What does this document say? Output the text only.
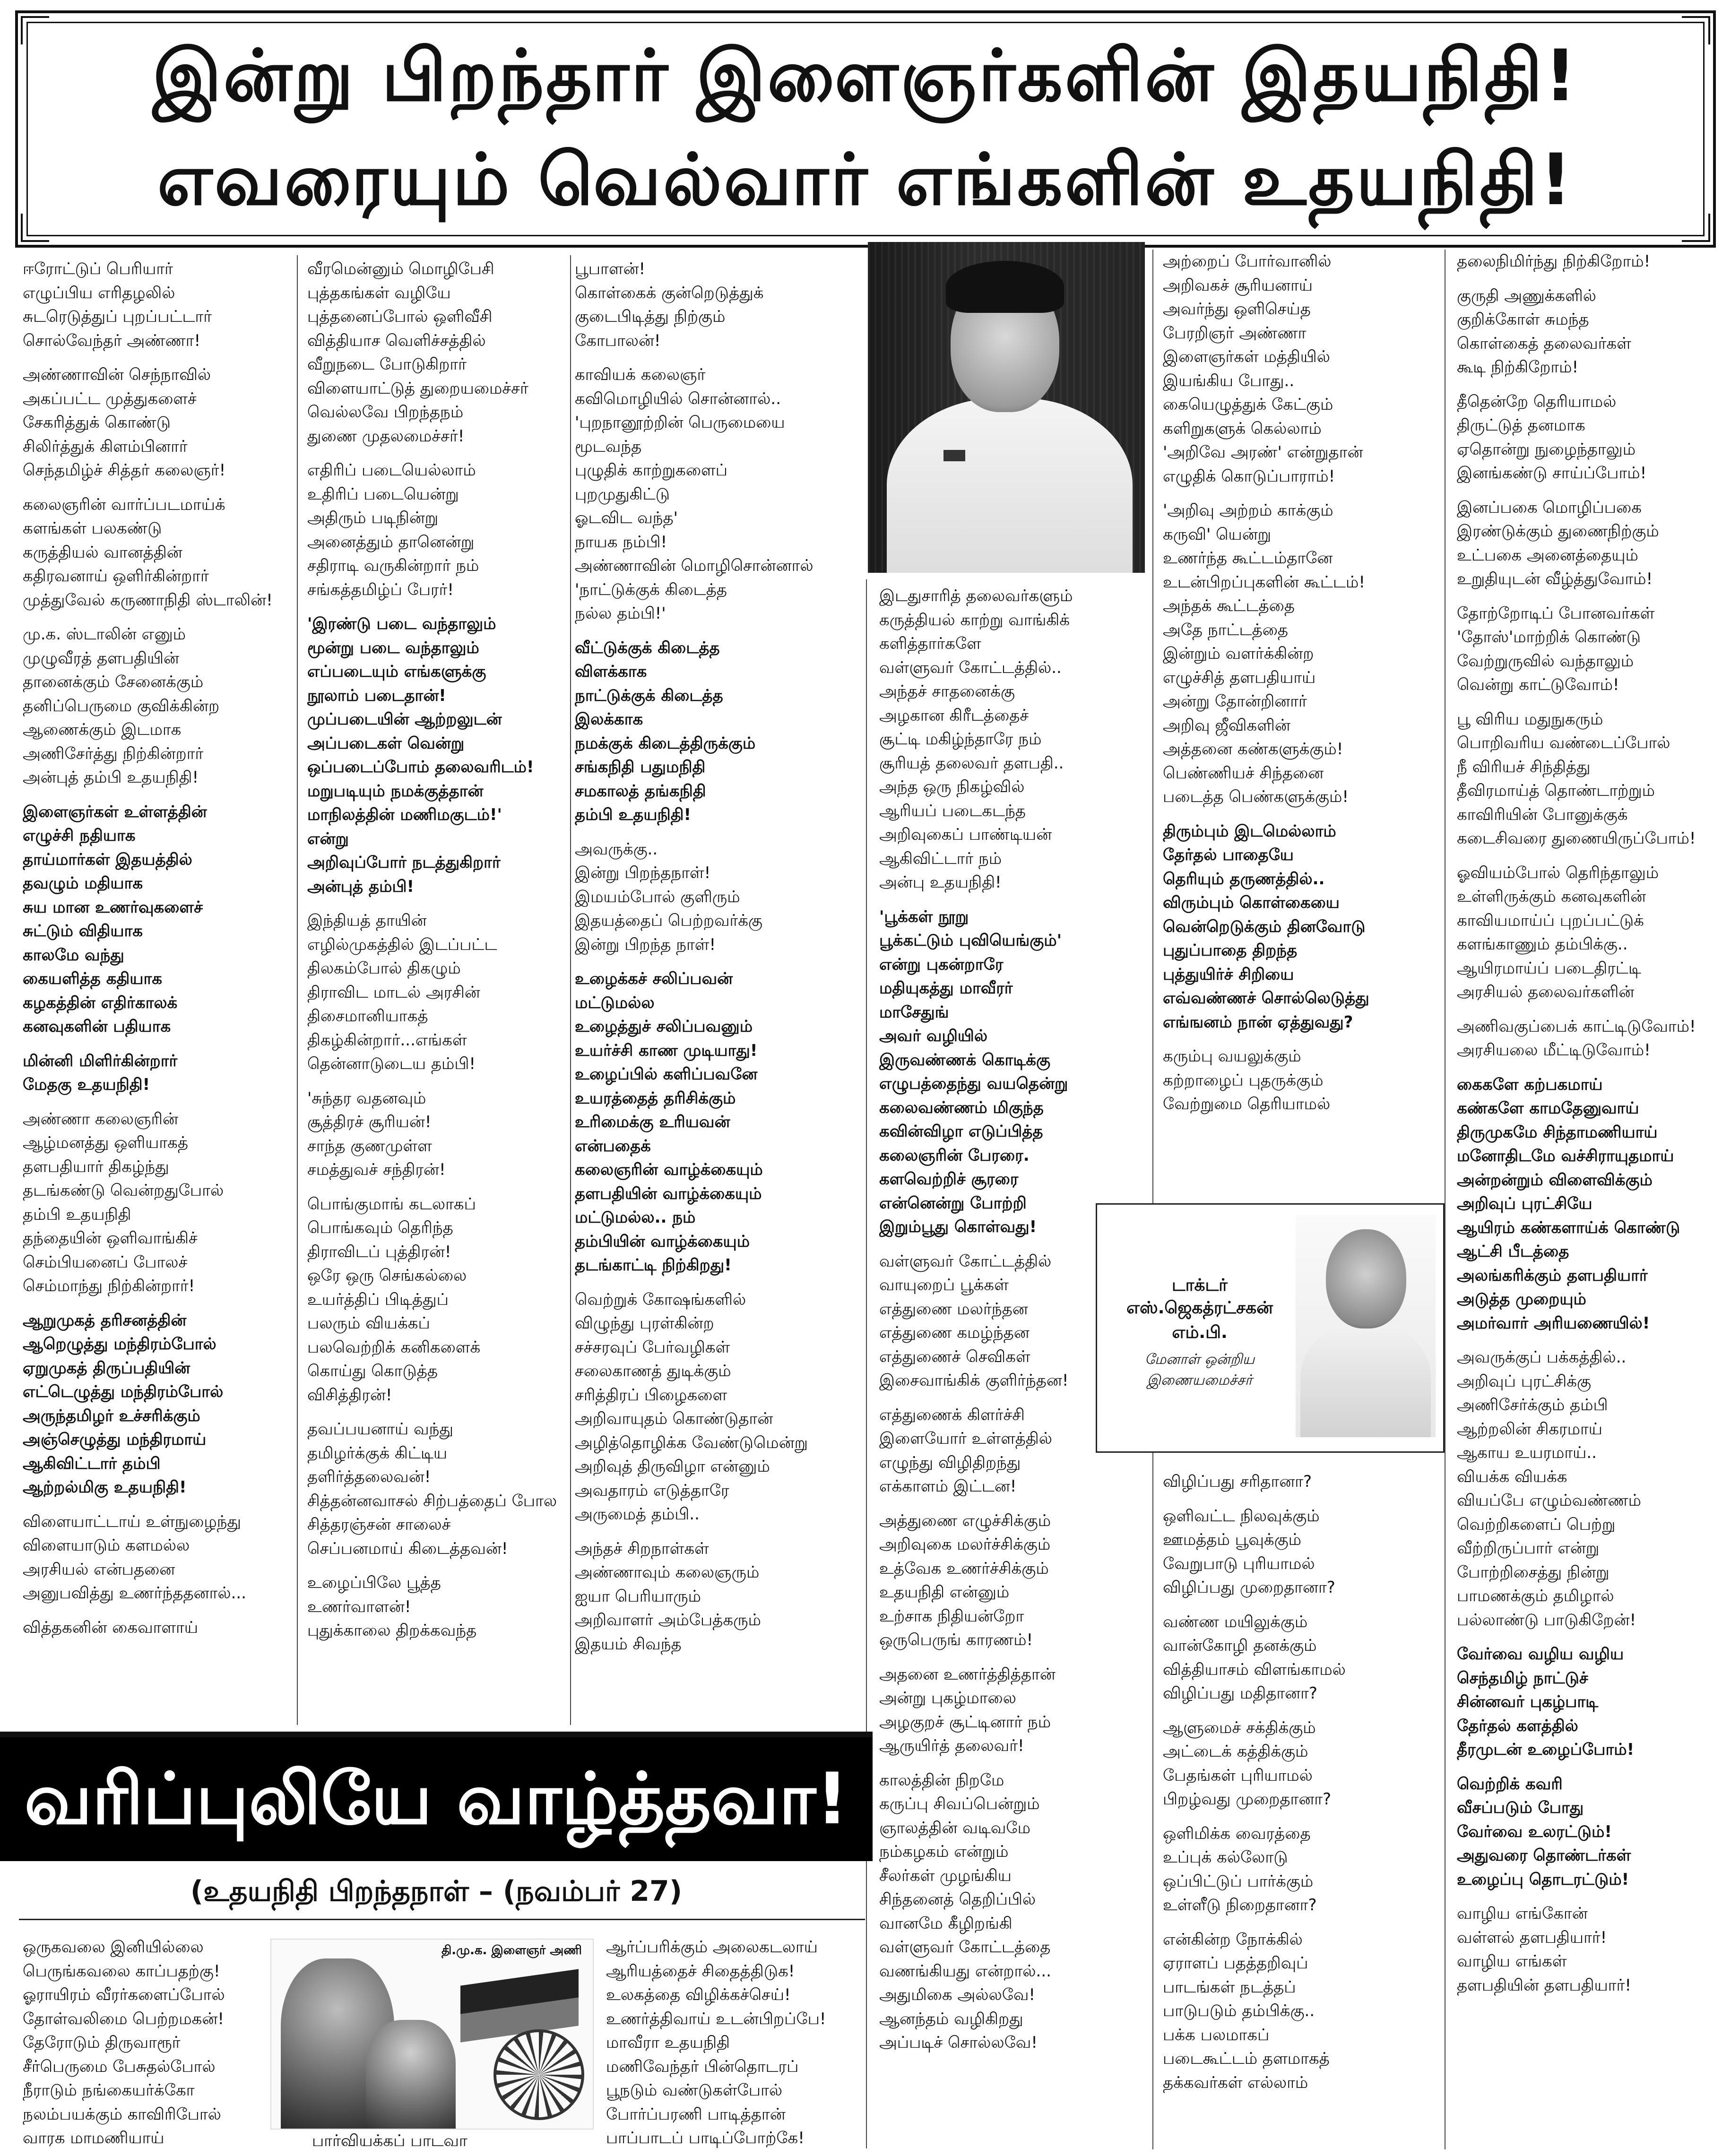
இன்று பிறந்தார் இளைஞர்களின் இதயநிதி!
எவரையும் வெல்வார் எங்களின் உதயநிதி!

ஈரோட்டுப் பெரியார்
எழுப்பிய எரிதழலில்
சுடரெடுத்துப் புறப்பட்டார்
சொல்வேந்தர் அண்ணா!

அண்ணாவின் செந்நாவில்
அகப்பட்ட முத்துகளைச்
சேகரித்துக் கொண்டு
சிலிர்த்துக் கிளம்பினார்
செந்தமிழ்ச் சித்தர் கலைஞர்!

கலைஞரின் வார்ப்படமாய்க்
களங்கள் பலகண்டு
கருத்தியல் வானத்தின்
கதிரவனாய் ஒளிர்கின்றார்
முத்துவேல் கருணாநிதி ஸ்டாலின்!

மு.க. ஸ்டாலின் எனும்
முழுவீரத் தளபதியின்
தானைக்கும் சேனைக்கும்
தனிப்பெருமை குவிக்கின்ற
ஆணைக்கும் இடமாக
அணிசேர்த்து நிற்கின்றார்
அன்புத் தம்பி உதயநிதி!

இளைஞர்கள் உள்ளத்தின்
எழுச்சி நதியாக
தாய்மார்கள் இதயத்தில்
தவழும் மதியாக
சுய மான உணர்வுகளைச்
சுட்டும் விதியாக
காலமே வந்து
கையளித்த கதியாக
கழகத்தின் எதிர்காலக்
கனவுகளின் பதியாக

மின்னி மிளிர்கின்றார்
மேதகு உதயநிதி!

அண்ணா கலைஞரின்
ஆழ்மனத்து ஒளியாகத்
தளபதியார் திகழ்ந்து
தடங்கண்டு வென்றதுபோல்
தம்பி உதயநிதி
தந்தையின் ஒளிவாங்கிச்
செம்பியனைப் போலச்
செம்மாந்து நிற்கின்றார்!

ஆறுமுகத் தரிசனத்தின்
ஆறெழுத்து மந்திரம்போல்
ஏறுமுகத் திருப்பதியின்
எட்டெழுத்து மந்திரம்போல்
அருந்தமிழர் உச்சரிக்கும்
அஞ்செழுத்து மந்திரமாய்
ஆகிவிட்டார் தம்பி
ஆற்றல்மிகு உதயநிதி!

விளையாட்டாய் உள்நுழைந்து
விளையாடும் களமல்ல
அரசியல் என்பதனை
அனுபவித்து உணர்ந்ததனால்...

வித்தகனின் கைவாளாய்

வீரமென்னும் மொழிபேசி
புத்தகங்கள் வழியே
புத்தனைப்போல் ஒளிவீசி
வித்தியாச வெளிச்சத்தில்
வீறுநடை போடுகிறார்
விளையாட்டுத் துறையமைச்சர்
வெல்லவே பிறந்தநம்
துணை முதலமைச்சர்!

எதிரிப் படையெல்லாம்
உதிரிப் படையென்று
அதிரும் படிநின்று
அனைத்தும் தானென்று
சதிராடி வருகின்றார் நம்
சங்கத்தமிழ்ப் பேரர்!

'இரண்டு படை வந்தாலும்
மூன்று படை வந்தாலும்
எப்படையும் எங்களுக்கு
நூலாம் படைதான்!
முப்படையின் ஆற்றலுடன்
அப்படைகள் வென்று
ஒப்படைப்போம் தலைவரிடம்!
மறுபடியும் நமக்குத்தான்
மாநிலத்தின் மணிமகுடம்!'
என்று
அறிவுப்போர் நடத்துகிறார்
அன்புத் தம்பி!

இந்தியத் தாயின்
எழில்முகத்தில் இடப்பட்ட
திலகம்போல் திகழும்
திராவிட மாடல் அரசின்
திசைமானியாகத்
திகழ்கின்றார்...எங்கள்
தென்னாடுடைய தம்பி!

'சுந்தர வதனவும்
சூத்திரச் சூரியன்!
சாந்த குணமுள்ள
சமத்துவச் சந்திரன்!

பொங்குமாங் கடலாகப்
பொங்கவும் தெரிந்த
திராவிடப் புத்திரன்!
ஒரே ஒரு செங்கல்லை
உயர்த்திப் பிடித்துப்
பலரும் வியக்கப்
பலவெற்றிக் கனிகளைக்
கொய்து கொடுத்த
விசித்திரன்!

தவப்பயனாய் வந்து
தமிழர்க்குக் கிட்டிய
தளிர்த்தலைவன்!
சித்தன்னவாசல் சிற்பத்தைப் போல
சித்தரஞ்சன் சாலைச்
செப்பனமாய் கிடைத்தவன்!

உழைப்பிலே பூத்த
உணர்வாளன்!
புதுக்காலை திறக்கவந்த

பூபாளன்!
கொள்கைக் குன்றெடுத்துக்
குடைபிடித்து நிற்கும்
கோபாலன்!

காவியக் கலைஞர்
கவிமொழியில் சொன்னால்..
'புறநானூற்றின் பெருமையை
மூடவந்த
புழுதிக் காற்றுகளைப்
புறமுதுகிட்டு
ஓடவிட வந்த'
நாயக நம்பி!
அண்ணாவின் மொழிசொன்னால்
'நாட்டுக்குக் கிடைத்த
நல்ல தம்பி!'

வீட்டுக்குக் கிடைத்த
விளக்காக
நாட்டுக்குக் கிடைத்த
இலக்காக
நமக்குக் கிடைத்திருக்கும்
சங்கநிதி பதுமநிதி
சமகாலத் தங்கநிதி
தம்பி உதயநிதி!

அவருக்கு..
இன்று பிறந்தநாள்!
இமயம்போல் குளிரும்
இதயத்தைப் பெற்றவர்க்கு
இன்று பிறந்த நாள்!

உழைக்கச் சலிப்பவன்
மட்டுமல்ல
உழைத்துச் சலிப்பவனும்
உயர்ச்சி காண முடியாது!
உழைப்பில் களிப்பவனே
உயரத்தைத் தரிசிக்கும்
உரிமைக்கு உரியவன்
என்பதைக்
கலைஞரின் வாழ்க்கையும்
தளபதியின் வாழ்க்கையும்
மட்டுமல்ல.. நம்
தம்பியின் வாழ்க்கையும்
தடங்காட்டி நிற்கிறது!

வெற்றுக் கோஷங்களில்
விழுந்து புரள்கின்ற
சச்சரவுப் பேர்வழிகள்
சலைகாணத் துடிக்கும்
சரித்திரப் பிழைகளை
அறிவாயுதம் கொண்டுதான்
அழித்தொழிக்க வேண்டுமென்று
அறிவுத் திருவிழா என்னும்
அவதாரம் எடுத்தாரே
அருமைத் தம்பி..

அந்தச் சிறநாள்கள்
அண்ணாவும் கலைஞரும்
ஐயா பெரியாரும்
அறிவாளர் அம்பேத்கரும்
இதயம் சிவந்த

இடதுசாரித் தலைவர்களும்
கருத்தியல் காற்று வாங்கிக்
களித்தார்களே
வள்ளுவர் கோட்டத்தில்..
அந்தச் சாதனைக்கு
அழகான கிரீடத்தைச்
சூட்டி மகிழ்ந்தாரே நம்
சூரியத் தலைவர் தளபதி..
அந்த ஒரு நிகழ்வில்
ஆரியப் படைகடந்த
அறிவுகைப் பாண்டியன்
ஆகிவிட்டார் நம்
அன்பு உதயநிதி!

'பூக்கள் நூறு
பூக்கட்டும் புவியெங்கும்'
என்று புகன்றாரே
மதியுகத்து மாவீரர்
மாசேதுங்
அவர் வழியில்
இருவண்ணக் கொடிக்கு
எழுபத்தைந்து வயதென்று
கலைவண்ணம் மிகுந்த
கவின்விழா எடுப்பித்த
கலைஞரின் பேரரை.
களவெற்றிச் சூரரை
என்னென்று போற்றி
இறும்பூது கொள்வது!

வள்ளுவர் கோட்டத்தில்
வாயுறைப் பூக்கள்
எத்துணை மலர்ந்தன
எத்துணை கமழ்ந்தன
எத்துணைச் செவிகள்
இசைவாங்கிக் குளிர்ந்தன!

எத்துணைக் கிளர்ச்சி
இளையோர் உள்ளத்தில்
எழுந்து விழிதிறந்து
எக்காளம் இட்டன!

அத்துணை எழுச்சிக்கும்
அறிவுகை மலர்ச்சிக்கும்
உத்வேக உணர்ச்சிக்கும்
உதயநிதி என்னும்
உற்சாக நிதியன்றோ
ஒருபெருங் காரணம்!

அதனை உணர்த்தித்தான்
அன்று புகழ்மாலை
அழகுறச் சூட்டினார் நம்
ஆருயிர்த் தலைவர்!

காலத்தின் நிறமே
கருப்பு சிவப்பென்றும்
ஞாலத்தின் வடிவமே
நம்கழகம் என்றும்
சீலர்கள் முழங்கிய
சிந்தனைத் தெறிப்பில்
வானமே கீழிறங்கி
வள்ளுவர் கோட்டத்தை
வணங்கியது என்றால்...
அதுமிகை அல்லவே!
ஆனந்தம் வழிகிறது
அப்படிச் சொல்லவே!

அற்றைப் போர்வானில்
அறிவகச் சூரியனாய்
அவர்ந்து ஒளிசெய்த
பேரறிஞர் அண்ணா
இளைஞர்கள் மத்தியில்
இயங்கிய போது..
கையெழுத்துக் கேட்கும்
களிறுகளுக் கெல்லாம்
'அறிவே அரண்' என்றுதான்
எழுதிக் கொடுப்பாராம்!

'அறிவு அற்றம் காக்கும்
கருவி' யென்று
உணர்ந்த கூட்டம்தானே
உடன்பிறப்புகளின் கூட்டம்!
அந்தக் கூட்டத்தை
அதே நாட்டத்தை
இன்றும் வளர்க்கின்ற
எழுச்சித் தளபதியாய்
அன்று தோன்றினார்
அறிவு ஜீவிகளின்
அத்தனை கண்களுக்கும்!
பெண்ணியச் சிந்தனை
படைத்த பெண்களுக்கும்!

திரும்பும் இடமெல்லாம்
தேர்தல் பாதையே
தெரியும் தருணத்தில்..
விரும்பும் கொள்கையை
வென்றெடுக்கும் தினவோடு
புதுப்பாதை திறந்த
புத்துயிர்ச் சிறியை
எவ்வண்ணச் சொல்லெடுத்து
எங்ஙனம் நான் ஏத்துவது?

கரும்பு வயலுக்கும்
கற்றாழைப் புதருக்கும்
வேற்றுமை தெரியாமல்

விழிப்பது சரிதானா?

ஒளிவட்ட நிலவுக்கும்
ஊமத்தம் பூவுக்கும்
வேறுபாடு புரியாமல்
விழிப்பது முறைதானா?

வண்ண மயிலுக்கும்
வான்கோழி தனக்கும்
வித்தியாசம் விளங்காமல்
விழிப்பது மதிதானா?

ஆளுமைச் சக்திக்கும்
அட்டைக் கத்திக்கும்
பேதங்கள் புரியாமல்
பிறழ்வது முறைதானா?

ஒளிமிக்க வைரத்தை
உப்புக் கல்லோடு
ஒப்பிட்டுப் பார்க்கும்
உள்ளீடு நிறைதானா?

என்கின்ற நோக்கில்
ஏராளப் பதத்தறிவுப்
பாடங்கள் நடத்தப்
பாடுபடும் தம்பிக்கு..
பக்க பலமாகப்
படைகூட்டம் தளமாகத்
தக்கவர்கள் எல்லாம்

தலைநிமிர்ந்து நிற்கிறோம்!

குருதி அணுக்களில்
குறிக்கோள் சுமந்த
கொள்கைத் தலைவர்கள்
கூடி நிற்கிறோம்!

தீதென்றே தெரியாமல்
திருட்டுத் தனமாக
ஏதொன்று நுழைந்தாலும்
இனங்கண்டு சாய்ப்போம்!

இனப்பகை மொழிப்பகை
இரண்டுக்கும் துணைநிற்கும்
உட்பகை அனைத்தையும்
உறுதியுடன் வீழ்த்துவோம்!

தோற்றோடிப் போனவர்கள்
'தோஸ்'மாற்றிக் கொண்டு
வேற்றுருவில் வந்தாலும்
வென்று காட்டுவோம்!

பூ விரிய மதுநுகரும்
பொறிவரிய வண்டைப்போல்
நீ விரியச் சிந்தித்து
தீவிரமாய்த் தொண்டாற்றும்
காவிரியின் போனுக்குக்
கடைசிவரை துணையிருப்போம்!

ஓவியம்போல் தெரிந்தாலும்
உள்ளிருக்கும் கனவுகளின்
காவியமாய்ப் புறப்பட்டுக்
களங்காணும் தம்பிக்கு..
ஆயிரமாய்ப் படைதிரட்டி
அரசியல் தலைவர்களின்

அணிவகுப்பைக் காட்டிடுவோம்!
அரசியலை மீட்டிடுவோம்!

கைகளே கற்பகமாய்
கண்களே காமதேனுவாய்
திருமுகமே சிந்தாமணியாய்
மனோதிடமே வச்சிராயுதமாய்
அன்றன்றும் விளைவிக்கும்
அறிவுப் புரட்சியே
ஆயிரம் கண்களாய்க் கொண்டு
ஆட்சி பீடத்தை
அலங்கரிக்கும் தளபதியார்
அடுத்த முறையும்
அமர்வார் அரியணையில்!

அவருக்குப் பக்கத்தில்..
அறிவுப் புரட்சிக்கு
அணிசேர்க்கும் தம்பி
ஆற்றலின் சிகரமாய்
ஆகாய உயரமாய்..
வியக்க வியக்க
வியப்பே எழும்வண்ணம்
வெற்றிகளைப் பெற்று
வீற்றிருப்பார் என்று
போற்றிசைத்து நின்று
பாமணக்கும் தமிழால்
பல்லாண்டு பாடுகிறேன்!

வேர்வை வழிய வழிய
செந்தமிழ் நாட்டுச்
சின்னவர் புகழ்பாடி
தேர்தல் களத்தில்
தீரமுடன் உழைப்போம்!

வெற்றிக் கவரி
வீசப்படும் போது
வேர்வை உலரட்டும்!
அதுவரை தொண்டர்கள்
உழைப்பு தொடரட்டும்!

வாழிய எங்கோன்
வள்ளல் தளபதியார்!
வாழிய எங்கள்
தளபதியின் தளபதியார்!

டாக்டர்
எஸ்.ஜெகத்ரட்சகன்
எம்.பி.
மேனாள் ஒன்றிய
இணையமைச்சர்
வரிப்புலியே வாழ்த்தவா!
(உதயநிதி பிறந்தநாள் – (நவம்பர் 27)

ஒருகவலை இனியில்லை
பெருங்கவலை காப்பதற்கு!
ஓராயிரம் வீரர்களைப்போல்
தோள்வலிமை பெற்றமகன்!
தேரோடும் திருவாரூர்
சீர்பெருமை பேசுதல்போல்
நீராடும் நங்கையர்க்கோ
நலம்பயக்கும் காவிரிபோல்
வாரக மாமணியாய்

ஆர்ப்பரிக்கும் அலைகடலாய்
ஆரியத்தைச் சிதைத்திடுக!
உலகத்தை விழிக்கச்செய்!
உணர்த்திவாய் உடன்பிறப்பே!
மாவீரா உதயநிதி
மணிவேந்தர் பின்தொடரப்
பூநடும் வண்டுகள்போல்
போர்ப்பரணி பாடித்தான்
பாப்பாடப் பாடிப்போற்கே!

தி.மு.க. இளைஞர் அணி
பார்வியக்கப் பாடவா
